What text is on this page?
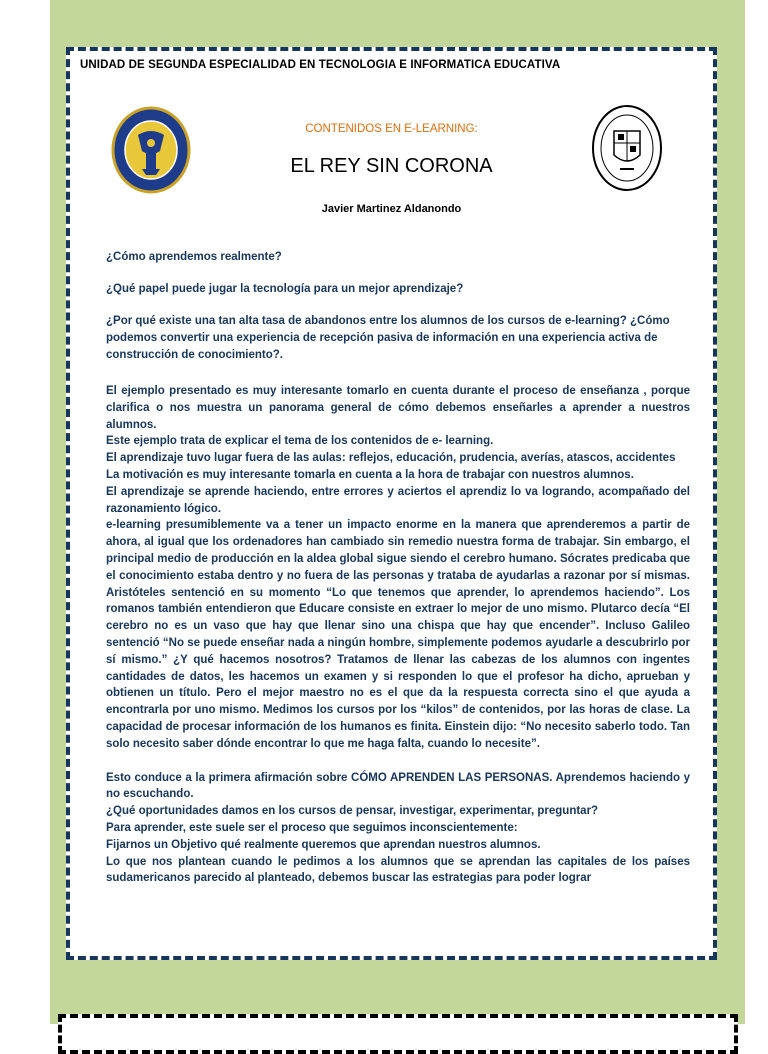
UNIDAD DE SEGUNDA ESPECIALIDAD EN TECNOLOGIA E INFORMATICA EDUCATIVA
CONTENIDOS EN E-LEARNING:
EL REY SIN CORONA
Javier Martinez Aldanondo
¿Cómo aprendemos realmente?
¿Qué papel puede jugar la tecnología para un mejor aprendizaje?
¿Por qué existe una tan alta tasa de abandonos entre los alumnos de los cursos de e-learning? ¿Cómo podemos convertir una experiencia de recepción pasiva de información en una experiencia activa de construcción de conocimiento?.

El ejemplo presentado es muy interesante tomarlo en cuenta durante el proceso de enseñanza , porque clarifica o nos muestra un panorama general de cómo debemos enseñarles a aprender a nuestros alumnos.

Este ejemplo trata de explicar el tema de los contenidos de e- learning.

El aprendizaje tuvo lugar fuera de las aulas: reflejos, educación, prudencia, averías, atascos, accidentes

La motivación es muy interesante tomarla en cuenta a la hora de trabajar con nuestros alumnos.

El aprendizaje se aprende haciendo, entre errores y aciertos el aprendiz lo va logrando, acompañado del razonamiento lógico.

e-learning presumiblemente va a tener un impacto enorme en la manera que aprenderemos a partir de ahora, al igual que los ordenadores han cambiado sin remedio nuestra forma de trabajar. Sin embargo, el principal medio de producción en la aldea global sigue siendo el cerebro humano. Sócrates predicaba que el conocimiento estaba dentro y no fuera de las personas y trataba de ayudarlas a razonar por sí mismas. Aristóteles sentenció en su momento “Lo que tenemos que aprender, lo aprendemos haciendo”. Los romanos también entendieron que Educare consiste en extraer lo mejor de uno mismo. Plutarco decía “El cerebro no es un vaso que hay que llenar sino una chispa que hay que encender”. Incluso Galileo sentenció “No se puede enseñar nada a ningún hombre, simplemente podemos ayudarle a descubrirlo por sí mismo.” ¿Y qué hacemos nosotros? Tratamos de llenar las cabezas de los alumnos con ingentes cantidades de datos, les hacemos un examen y si responden lo que el profesor ha dicho, aprueban y obtienen un título. Pero el mejor maestro no es el que da la respuesta correcta sino el que ayuda a encontrarla por uno mismo. Medimos los cursos por los “kilos” de contenidos, por las horas de clase. La capacidad de procesar información de los humanos es finita. Einstein dijo: “No necesito saberlo todo. Tan solo necesito saber dónde encontrar lo que me haga falta, cuando lo necesite”.

Esto conduce a la primera afirmación sobre CÓMO APRENDEN LAS PERSONAS. Aprendemos haciendo y no escuchando.

¿Qué oportunidades damos en los cursos de pensar, investigar, experimentar, preguntar?

Para aprender, este suele ser el proceso que seguimos inconscientemente:

Fijarnos un Objetivo qué realmente queremos que aprendan nuestros alumnos.

Lo que nos plantean cuando le pedimos a los alumnos que se aprendan las capitales de los países sudamericanos parecido al planteado, debemos buscar las estrategias para poder lograr
